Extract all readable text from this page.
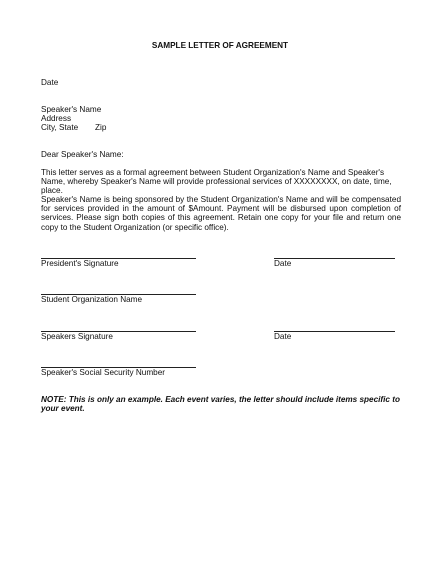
SAMPLE LETTER OF AGREEMENT
Date
Speaker's Name
Address
City, State Zip
Dear Speaker's Name:
This letter serves as a formal agreement between Student Organization's Name and Speaker's Name, whereby Speaker's Name will provide professional services of XXXXXXXX, on date, time, place.
Speaker's Name is being sponsored by the Student Organization's Name and will be compensated for services provided in the amount of $Amount. Payment will be disbursed upon completion of services. Please sign both copies of this agreement. Retain one copy for your file and return one copy to the Student Organization (or specific office).
President's Signature	Date
Student Organization Name
Speakers Signature	Date
Speaker's Social Security Number
NOTE: This is only an example. Each event varies, the letter should include items specific to your event.
